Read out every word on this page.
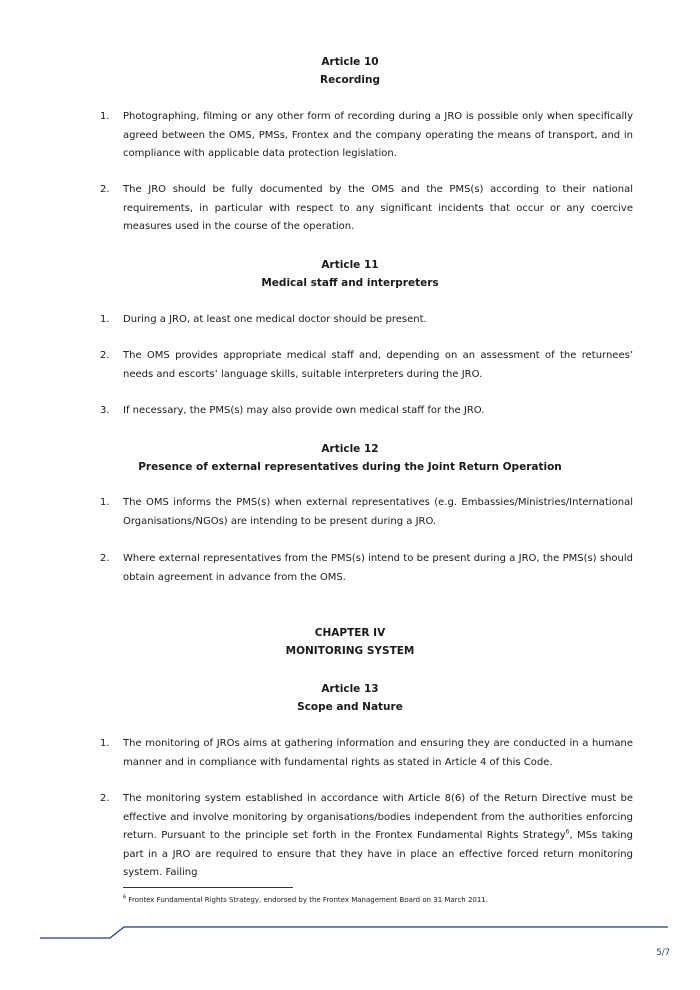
Article 10

Recording

1.	Photographing, filming or any other form of recording during a JRO is possible only when specifically agreed between the OMS, PMSs, Frontex and the company operating the means of transport, and in compliance with applicable data protection legislation.
2.	The JRO should be fully documented by the OMS and the PMS(s) according to their national requirements, in particular with respect to any significant incidents that occur or any coercive measures used in the course of the operation.

Article 11

Medical staff and interpreters

1.	During a JRO, at least one medical doctor should be present.
2.	The OMS provides appropriate medical staff and, depending on an assessment of the returnees’ needs and escorts’ language skills, suitable interpreters during the JRO.
3.	If necessary, the PMS(s) may also provide own medical staff for the JRO.

Article 12

Presence of external representatives during the Joint Return Operation

1.	The OMS informs the PMS(s) when external representatives (e.g. Embassies/Ministries/International Organisations/NGOs) are intending to be present during a JRO.
2.	Where external representatives from the PMS(s) intend to be present during a JRO, the PMS(s) should obtain agreement in advance from the OMS.

CHAPTER IV

MONITORING SYSTEM

Article 13

Scope and Nature

1.	The monitoring of JROs aims at gathering information and ensuring they are conducted in a humane manner and in compliance with fundamental rights as stated in Article 4 of this Code.
2.	The monitoring system established in accordance with Article 8(6) of the Return Directive must be effective and involve monitoring by organisations/bodies independent from the authorities enforcing return. Pursuant to the principle set forth in the Frontex Fundamental Rights Strategy$^6$, MSs taking part in a JRO are required to ensure that they have in place an effective forced return monitoring system. Failing
$^6$ Frontex Fundamental Rights Strategy, endorsed by the Frontex Management Board on 31 March 2011.
5/7
